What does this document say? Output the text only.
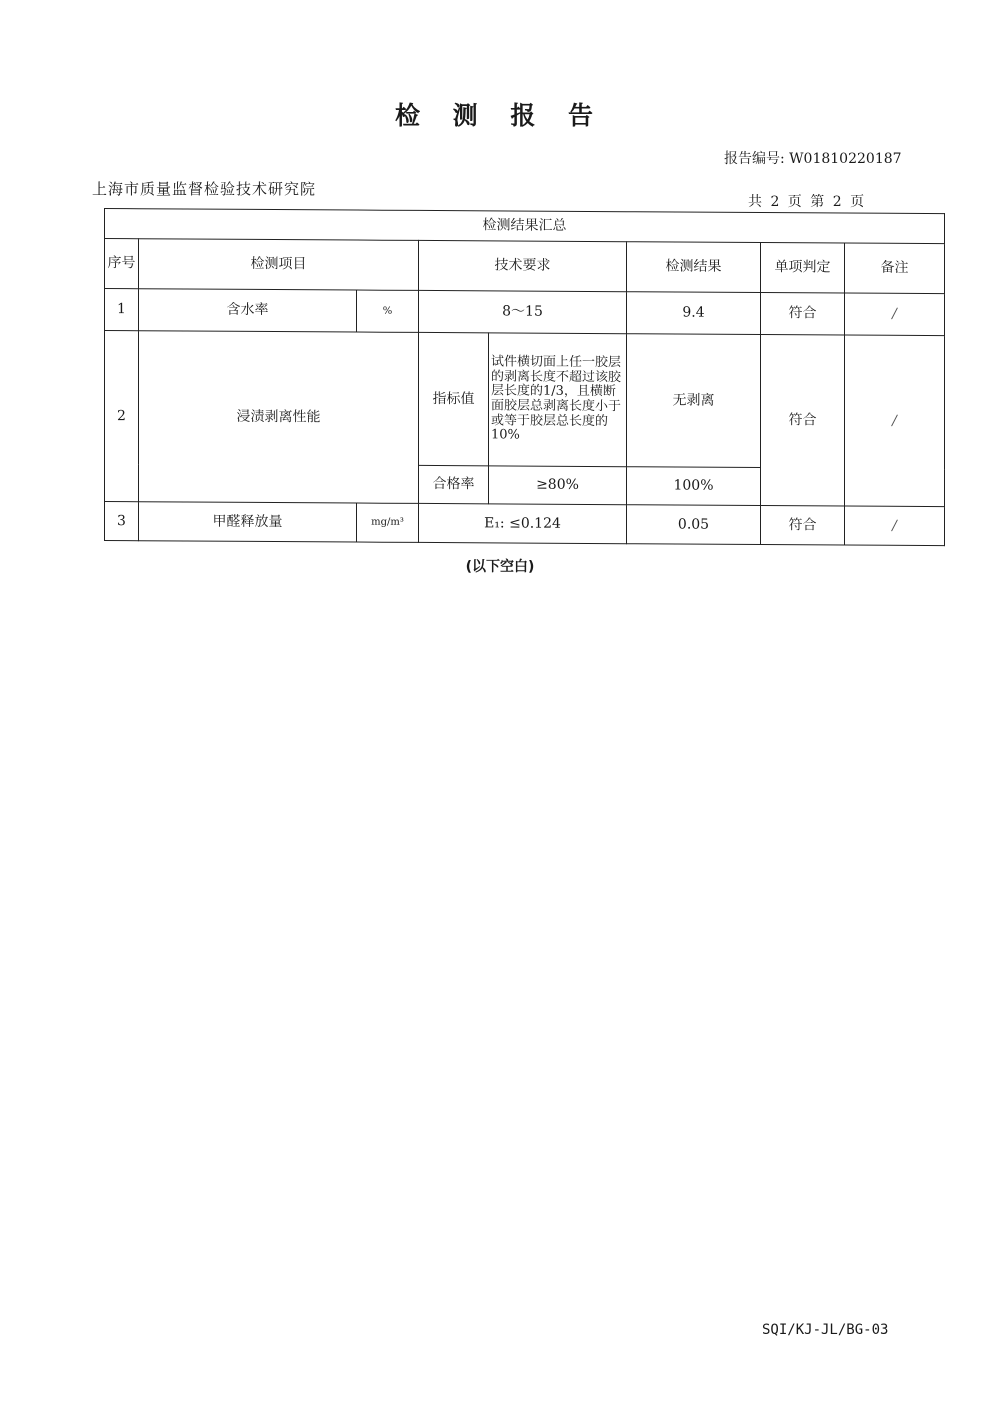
检 测 报 告
报告编号: W01810220187
上海市质量监督检验技术研究院
共 2 页 第 2 页
检测结果汇总							
序号	检测项目		技术要求		检测结果	单项判定	备注
1	含水率	%	8～15		9.4	符合	/
2	浸渍剥离性能		指标值	试件横切面上任一胶层的剥离长度不超过该胶层长度的1/3，且横断面胶层总剥离长度小于或等于胶层总长度的10%	无剥离	符合	/
			合格率	≥80%	100%		
3	甲醛释放量	mg/m³	E₁: ≤0.124		0.05	符合	/
(以下空白)
SQI/KJ-JL/BG-03
